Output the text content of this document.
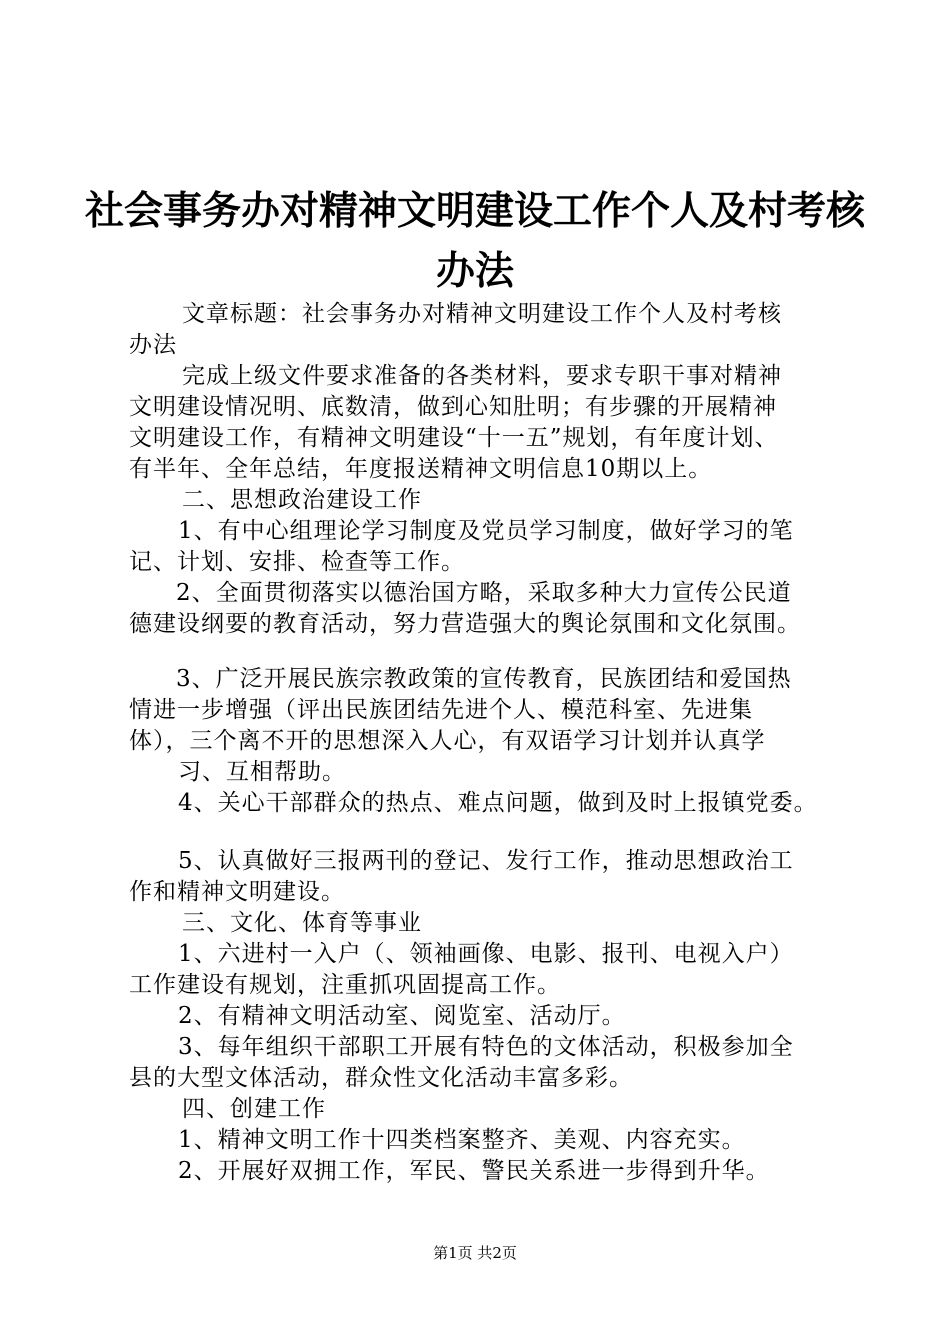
社会事务办对精神文明建设工作个人及村考核
办法
文章标题：社会事务办对精神文明建设工作个人及村考核
办法
完成上级文件要求准备的各类材料，要求专职干事对精神
文明建设情况明、底数清，做到心知肚明；有步骤的开展精神
文明建设工作，有精神文明建设“十一五”规划，有年度计划、
有半年、全年总结，年度报送精神文明信息10期以上。
二、思想政治建设工作
1、有中心组理论学习制度及党员学习制度，做好学习的笔
记、计划、安排、检查等工作。
2、全面贯彻落实以德治国方略，采取多种大力宣传公民道
德建设纲要的教育活动，努力营造强大的舆论氛围和文化氛围。
3、广泛开展民族宗教政策的宣传教育，民族团结和爱国热
情进一步增强（评出民族团结先进个人、模范科室、先进集
体），三个离不开的思想深入人心，有双语学习计划并认真学
习、互相帮助。
4、关心干部群众的热点、难点问题，做到及时上报镇党委。
5、认真做好三报两刊的登记、发行工作，推动思想政治工
作和精神文明建设。
三、文化、体育等事业
1、六进村一入户（、领袖画像、电影、报刊、电视入户）
工作建设有规划，注重抓巩固提高工作。
2、有精神文明活动室、阅览室、活动厅。
3、每年组织干部职工开展有特色的文体活动，积极参加全
县的大型文体活动，群众性文化活动丰富多彩。
四、创建工作
1、精神文明工作十四类档案整齐、美观、内容充实。
2、开展好双拥工作，军民、警民关系进一步得到升华。
第1页 共2页
